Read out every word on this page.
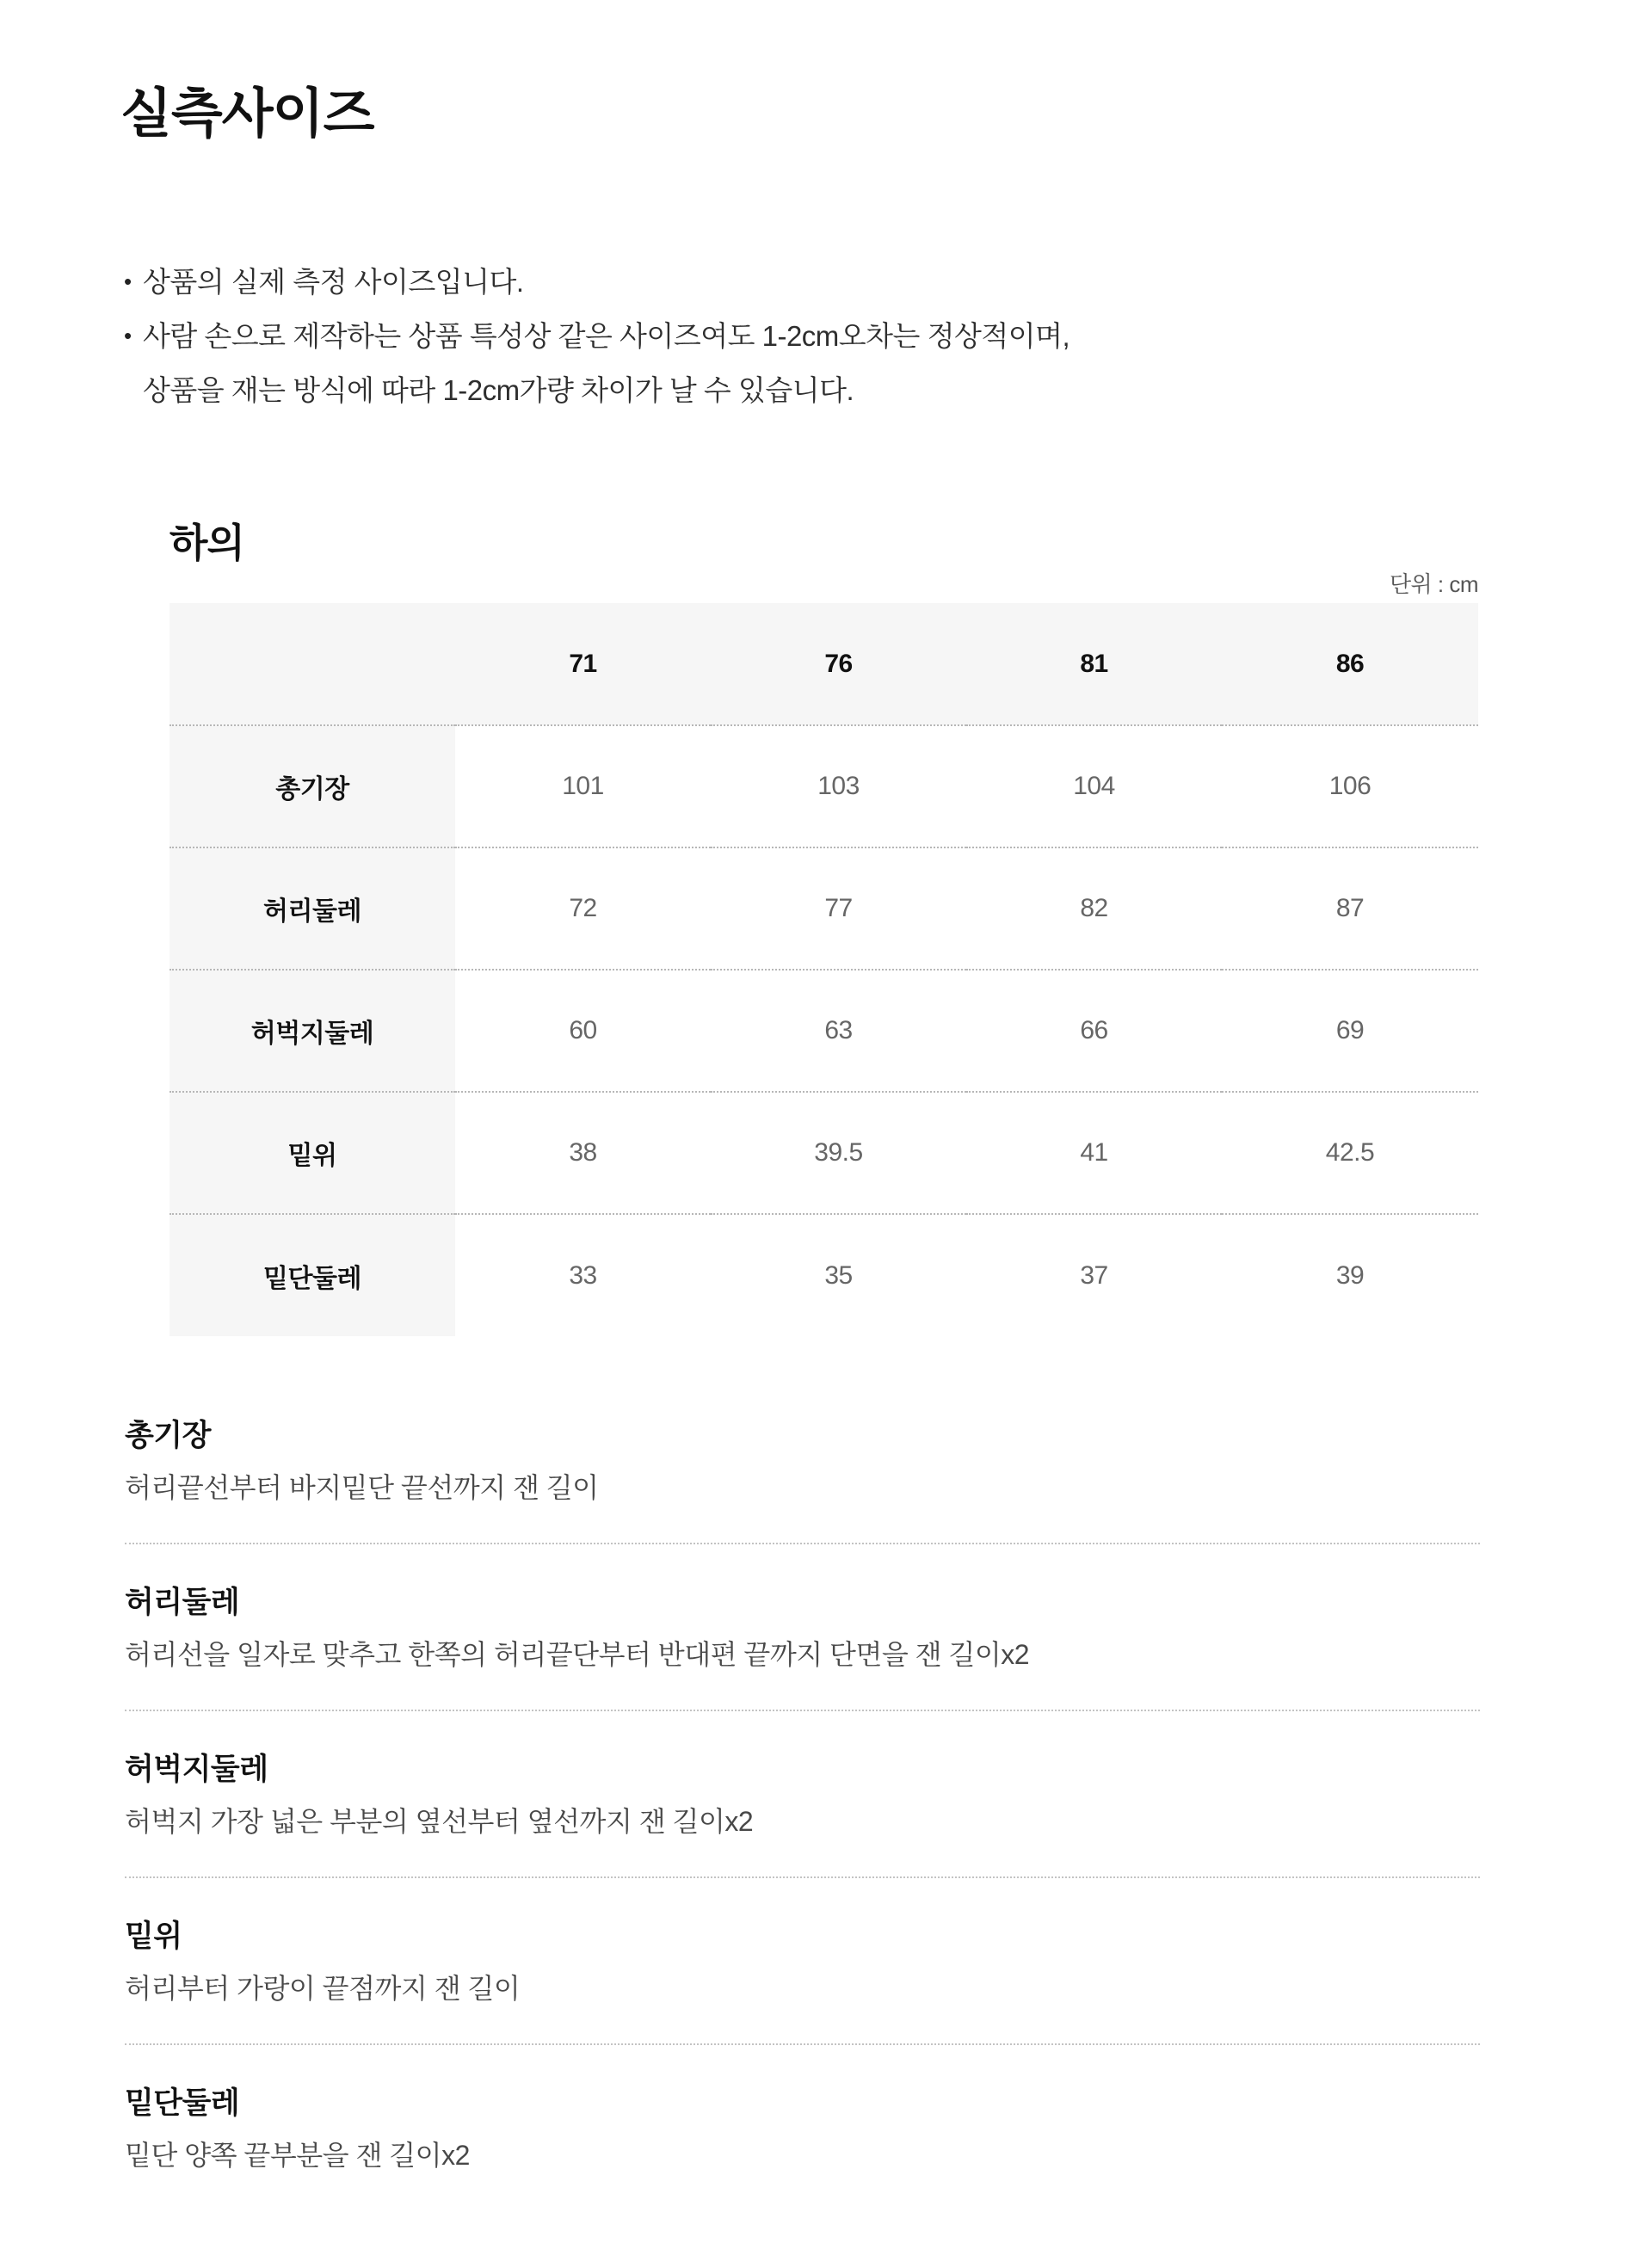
실측사이즈
• 상품의 실제 측정 사이즈입니다.
• 사람 손으로 제작하는 상품 특성상 같은 사이즈여도 1-2cm오차는 정상적이며,
상품을 재는 방식에 따라 1-2cm가량 차이가 날 수 있습니다.
하의
단위 : cm
	71	76	81	86
총기장	101	103	104	106
허리둘레	72	77	82	87
허벅지둘레	60	63	66	69
밑위	38	39.5	41	42.5
밑단둘레	33	35	37	39
총기장
허리끝선부터 바지밑단 끝선까지 잰 길이
허리둘레
허리선을 일자로 맞추고 한쪽의 허리끝단부터 반대편 끝까지 단면을 잰 길이x2
허벅지둘레
허벅지 가장 넓은 부분의 옆선부터 옆선까지 잰 길이x2
밑위
허리부터 가랑이 끝점까지 잰 길이
밑단둘레
밑단 양쪽 끝부분을 잰 길이x2
